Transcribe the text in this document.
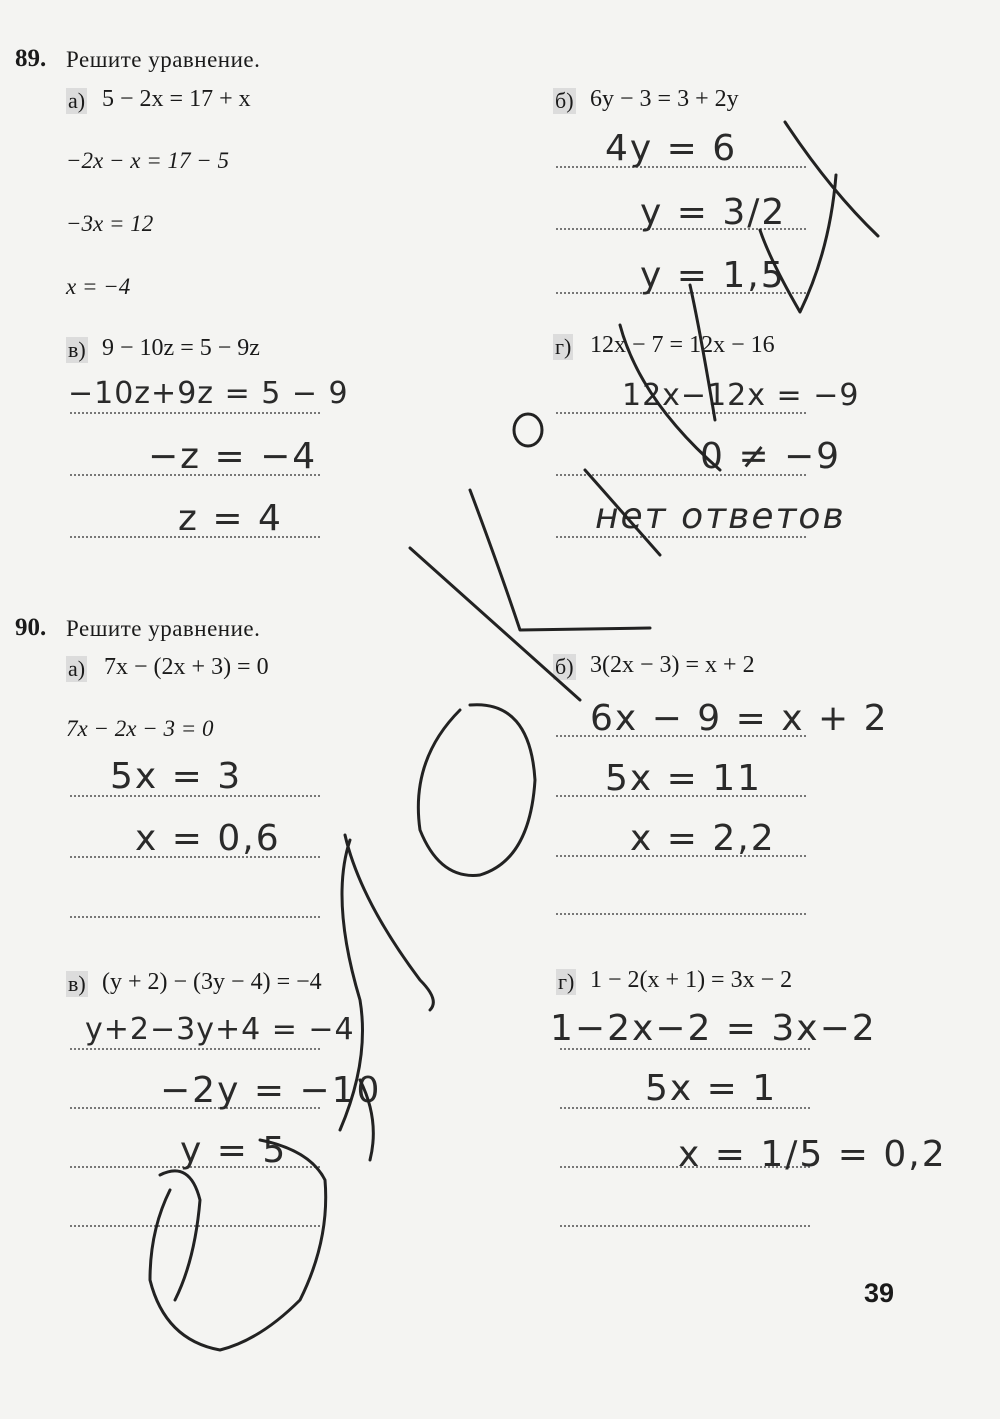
89. Решите уравнение.
а) 5 − 2x = 17 + x
−2x − x = 17 − 5
−3x = 12
x = −4
б) 6y − 3 = 3 + 2y
4y = 6
y = 3/2
y = 1,5
в) 9 − 10z = 5 − 9z
−10z+9z = 5 − 9
−z = −4
z = 4
г) 12x − 7 = 12x − 16
12x−12x = −9
0 ≠ −9
нет ответов
90. Решите уравнение.
а) 7x − (2x + 3) = 0
7x − 2x − 3 = 0
5x = 3
x = 0,6
б) 3(2x − 3) = x + 2
6x − 9 = x + 2
5x = 11
x = 2,2
в) (y + 2) − (3y − 4) = −4
y+2−3y+4 = −4
−2y = −10
y = 5
г) 1 − 2(x + 1) = 3x − 2
1−2x−2 = 3x−2
5x = 1
x = 1/5 = 0,2
39
